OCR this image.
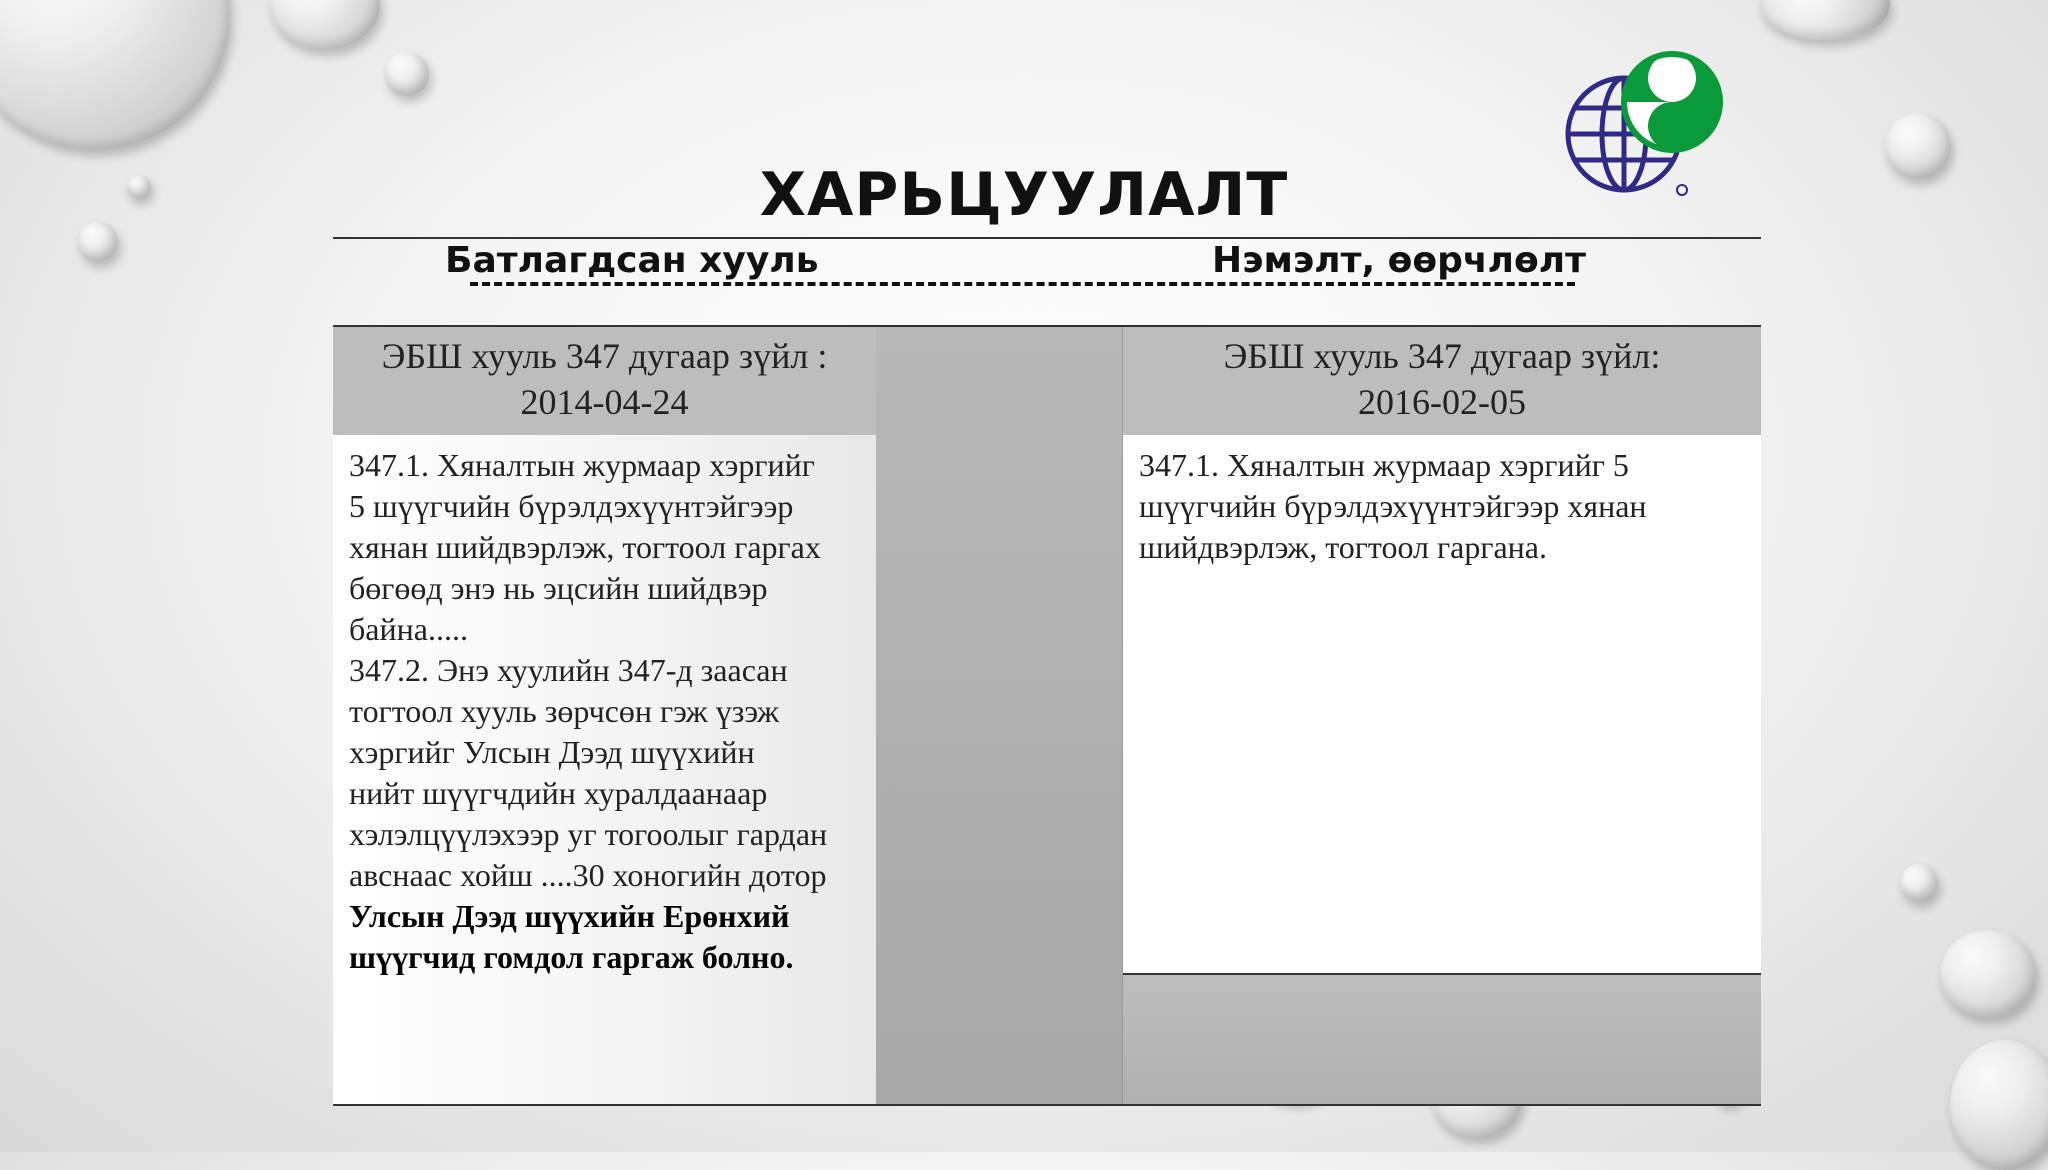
ХАРЬЦУУЛАЛТ
Батлагдсан хууль	Нэмэлт, өөрчлөлт
ЭБШ хууль 347 дугаар зүйл :
2014-04-24

347.1. Хяналтын журмаар хэргийг

5 шүүгчийн бүрэлдэхүүнтэйгээр

хянан шийдвэрлэж, тогтоол гаргах

бөгөөд энэ нь эцсийн шийдвэр

байна.....

347.2. Энэ хуулийн 347-д заасан

тогтоол хууль зөрчсөн гэж үзэж

хэргийг Улсын Дээд шүүхийн

нийт шүүгчдийн хуралдаанаар

хэлэлцүүлэхээр уг тогоолыг гардан

авснаас хойш ....30 хоногийн дотор

Улсын Дээд шүүхийн Ерөнхий

шүүгчид гомдол гаргаж болно.

ЭБШ хууль 347 дугаар зүйл:
2016-02-05

347.1. Хяналтын журмаар хэргийг 5

шүүгчийн бүрэлдэхүүнтэйгээр хянан

шийдвэрлэж, тогтоол гаргана.
